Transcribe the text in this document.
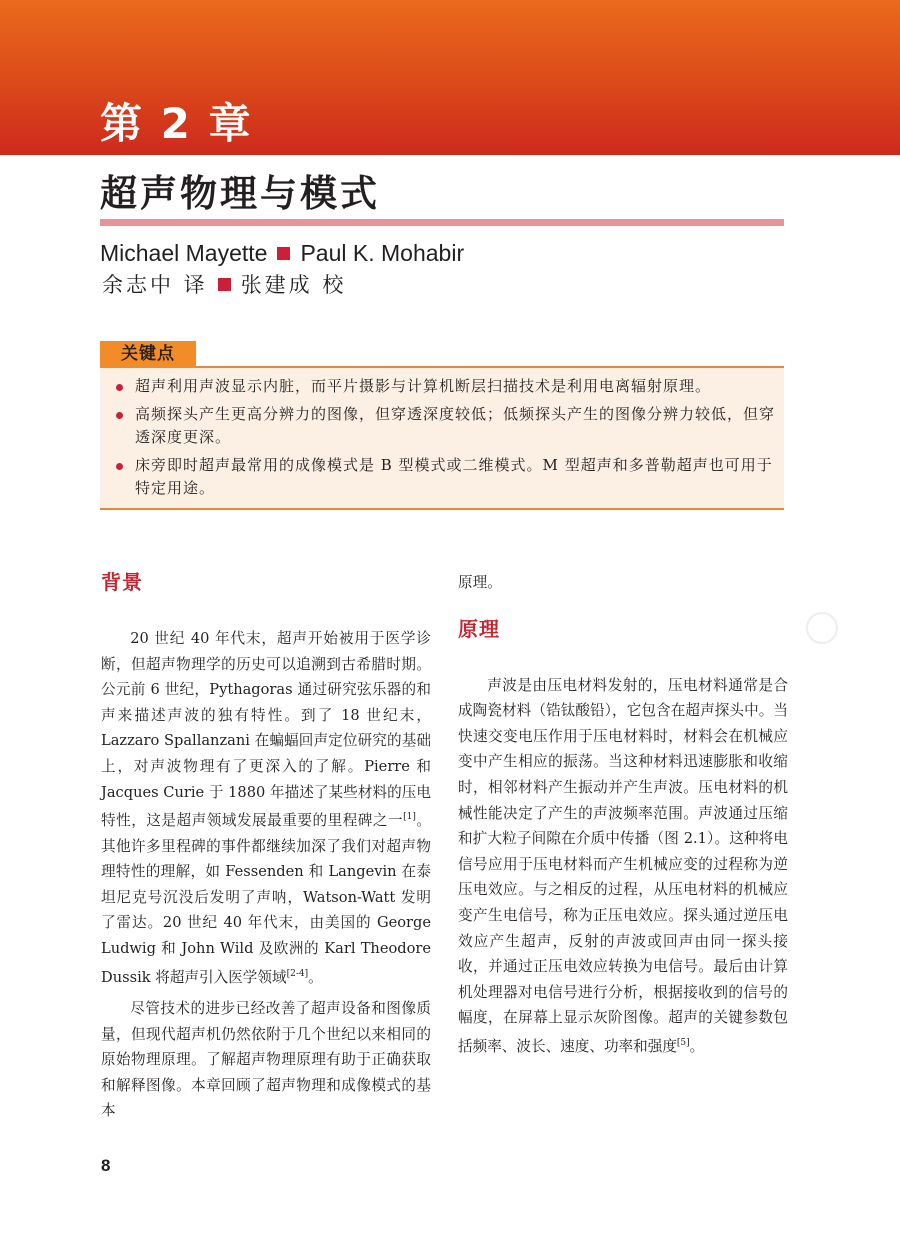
第 2 章
超声物理与模式
Michael Mayette Paul K. Mohabir
余志中 译 张建成 校
关键点
超声利用声波显示内脏，而平片摄影与计算机断层扫描技术是利用电离辐射原理。
高频探头产生更高分辨力的图像，但穿透深度较低；低频探头产生的图像分辨力较低，但穿透深度更深。
床旁即时超声最常用的成像模式是 B 型模式或二维模式。M 型超声和多普勒超声也可用于特定用途。
背景

20 世纪 40 年代末，超声开始被用于医学诊断，但超声物理学的历史可以追溯到古希腊时期。公元前 6 世纪，Pythagoras 通过研究弦乐器的和声来描述声波的独有特性。到了 18 世纪末，Lazzaro Spallanzani 在蝙蝠回声定位研究的基础上，对声波物理有了更深入的了解。Pierre 和 Jacques Curie 于 1880 年描述了某些材料的压电特性，这是超声领域发展最重要的里程碑之一[1]。其他许多里程碑的事件都继续加深了我们对超声物理特性的理解，如 Fessenden 和 Langevin 在泰坦尼克号沉没后发明了声呐，Watson-Watt 发明了雷达。20 世纪 40 年代末，由美国的 George Ludwig 和 John Wild 及欧洲的 Karl Theodore Dussik 将超声引入医学领域[2-4]。

尽管技术的进步已经改善了超声设备和图像质量，但现代超声机仍然依附于几个世纪以来相同的原始物理原理。了解超声物理原理有助于正确获取和解释图像。本章回顾了超声物理和成像模式的基本

原理。

原理

声波是由压电材料发射的，压电材料通常是合成陶瓷材料（锆钛酸铅），它包含在超声探头中。当快速交变电压作用于压电材料时，材料会在机械应变中产生相应的振荡。当这种材料迅速膨胀和收缩时，相邻材料产生振动并产生声波。压电材料的机械性能决定了产生的声波频率范围。声波通过压缩和扩大粒子间隙在介质中传播（图 2.1）。这种将电信号应用于压电材料而产生机械应变的过程称为逆压电效应。与之相反的过程，从压电材料的机械应变产生电信号，称为正压电效应。探头通过逆压电效应产生超声，反射的声波或回声由同一探头接收，并通过正压电效应转换为电信号。最后由计算机处理器对电信号进行分析，根据接收到的信号的幅度，在屏幕上显示灰阶图像。超声的关键参数包括频率、波长、速度、功率和强度[5]。

8
